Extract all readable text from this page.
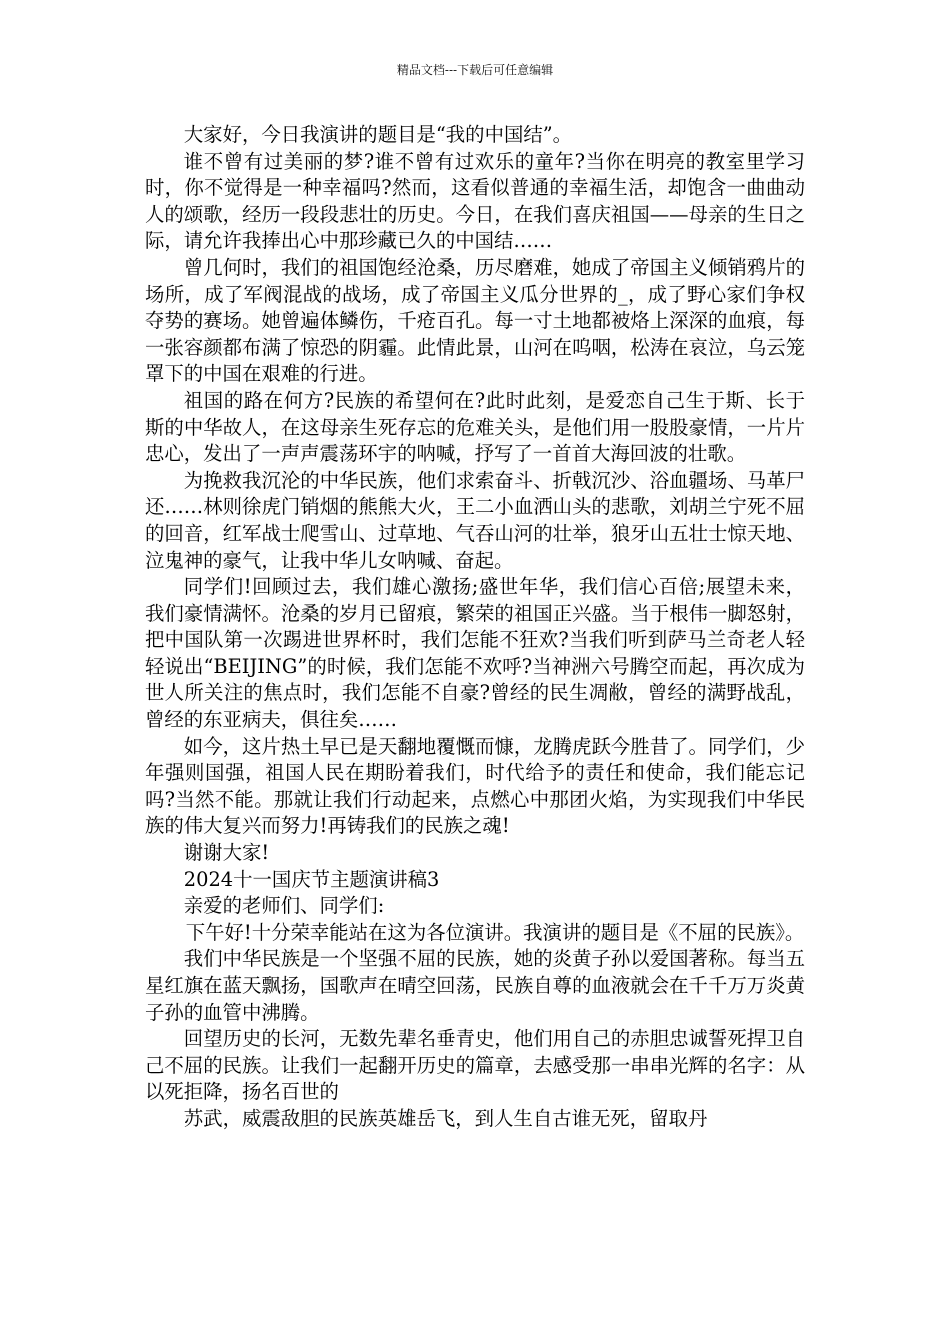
精品文档---下载后可任意编辑

大家好，今日我演讲的题目是“我的中国结”。

谁不曾有过美丽的梦?谁不曾有过欢乐的童年?当你在明亮的教室里学习时，你不觉得是一种幸福吗?然而，这看似普通的幸福生活，却饱含一曲曲动人的颂歌，经历一段段悲壮的历史。今日，在我们喜庆祖国——母亲的生日之际，请允许我捧出心中那珍藏已久的中国结……

曾几何时，我们的祖国饱经沧桑，历尽磨难，她成了帝国主义倾销鸦片的场所，成了军阀混战的战场，成了帝国主义瓜分世界的_，成了野心家们争权夺势的赛场。她曾遍体鳞伤，千疮百孔。每一寸土地都被烙上深深的血痕，每一张容颜都布满了惊恐的阴霾。此情此景，山河在呜咽，松涛在哀泣，乌云笼罩下的中国在艰难的行进。

祖国的路在何方?民族的希望何在?此时此刻，是爱恋自己生于斯、长于斯的中华故人，在这母亲生死存忘的危难关头，是他们用一股股豪情，一片片忠心，发出了一声声震荡环宇的呐喊，抒写了一首首大海回波的壮歌。

为挽救我沉沦的中华民族，他们求索奋斗、折戟沉沙、浴血疆场、马革尸还……林则徐虎门销烟的熊熊大火，王二小血洒山头的悲歌，刘胡兰宁死不屈的回音，红军战士爬雪山、过草地、气吞山河的壮举，狼牙山五壮士惊天地、泣鬼神的豪气，让我中华儿女呐喊、奋起。

同学们!回顾过去，我们雄心激扬;盛世年华，我们信心百倍;展望未来，我们豪情满怀。沧桑的岁月已留痕，繁荣的祖国正兴盛。当于根伟一脚怒射，把中国队第一次踢进世界杯时，我们怎能不狂欢?当我们听到萨马兰奇老人轻轻说出“BEIJING”的时候，我们怎能不欢呼?当神洲六号腾空而起，再次成为世人所关注的焦点时，我们怎能不自豪?曾经的民生凋敝，曾经的满野战乱，曾经的东亚病夫，俱往矣……

如今，这片热土早已是天翻地覆慨而慷，龙腾虎跃今胜昔了。同学们，少年强则国强，祖国人民在期盼着我们，时代给予的责任和使命，我们能忘记吗?当然不能。那就让我们行动起来，点燃心中那团火焰，为实现我们中华民族的伟大复兴而努力!再铸我们的民族之魂!

谢谢大家!

2024十一国庆节主题演讲稿3

亲爱的老师们、同学们:

下午好!十分荣幸能站在这为各位演讲。我演讲的题目是《不屈的民族》。

我们中华民族是一个坚强不屈的民族，她的炎黄子孙以爱国著称。每当五星红旗在蓝天飘扬，国歌声在晴空回荡，民族自尊的血液就会在千千万万炎黄子孙的血管中沸腾。

回望历史的长河，无数先辈名垂青史，他们用自己的赤胆忠诚誓死捍卫自己不屈的民族。让我们一起翻开历史的篇章，去感受那一串串光辉的名字：从以死拒降，扬名百世的

苏武，威震敌胆的民族英雄岳飞，到人生自古谁无死，留取丹
